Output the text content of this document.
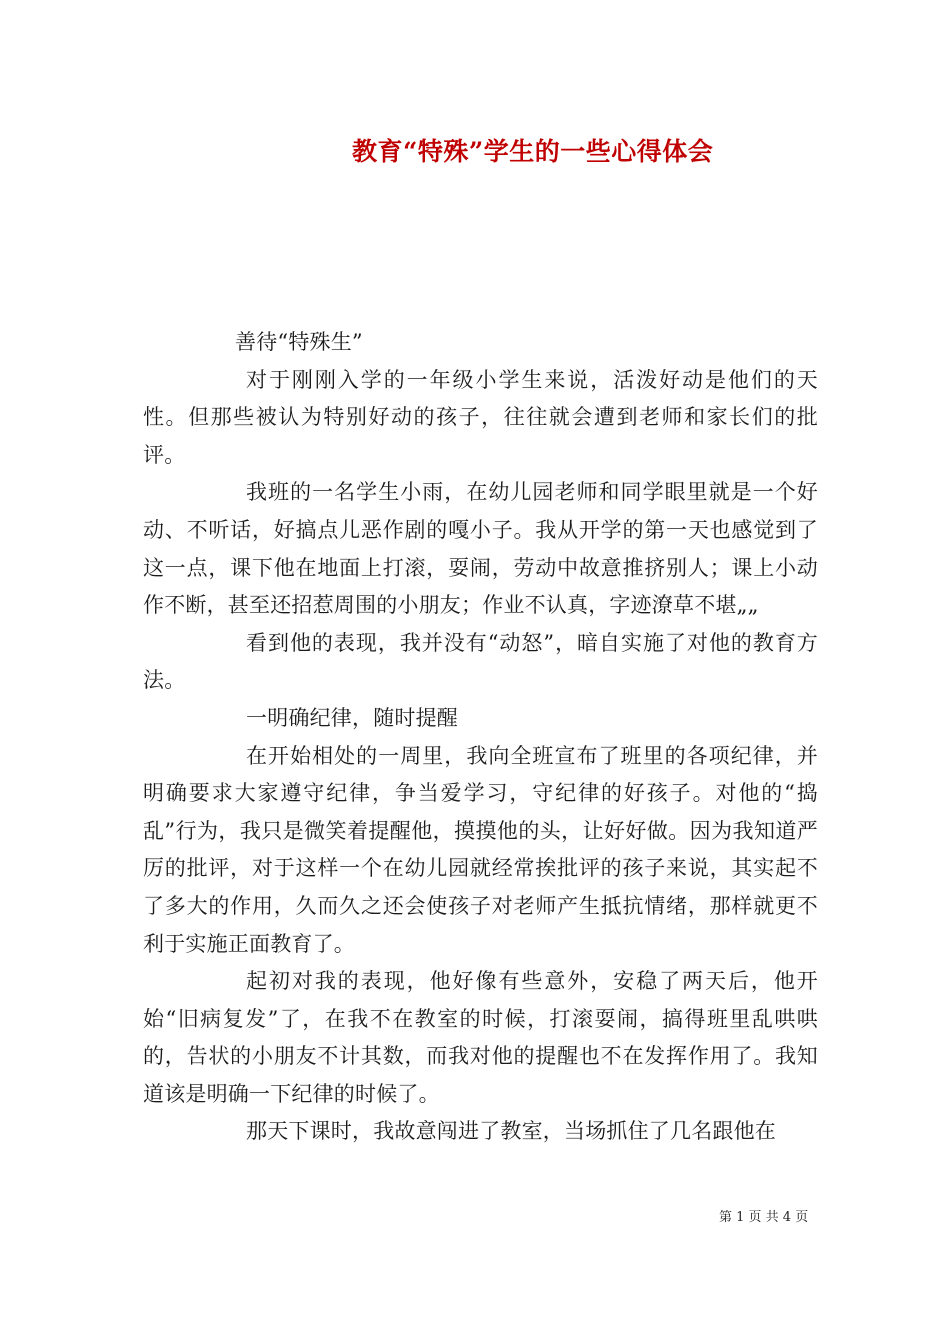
教育“特殊”学生的一些心得体会

善待“特殊生”

对于刚刚入学的一年级小学生来说，活泼好动是他们的天性。但那些被认为特别好动的孩子，往往就会遭到老师和家长们的批评。

我班的一名学生小雨，在幼儿园老师和同学眼里就是一个好动、不听话，好搞点儿恶作剧的嘎小子。我从开学的第一天也感觉到了这一点，课下他在地面上打滚，耍闹，劳动中故意推挤别人；课上小动作不断，甚至还招惹周围的小朋友；作业不认真，字迹潦草不堪„„

看到他的表现，我并没有“动怒”，暗自实施了对他的教育方法。

一明确纪律，随时提醒

在开始相处的一周里，我向全班宣布了班里的各项纪律，并明确要求大家遵守纪律，争当爱学习，守纪律的好孩子。对他的“捣乱”行为，我只是微笑着提醒他，摸摸他的头，让好好做。因为我知道严厉的批评，对于这样一个在幼儿园就经常挨批评的孩子来说，其实起不了多大的作用，久而久之还会使孩子对老师产生抵抗情绪，那样就更不利于实施正面教育了。

起初对我的表现，他好像有些意外，安稳了两天后，他开始“旧病复发”了，在我不在教室的时候，打滚耍闹，搞得班里乱哄哄的，告状的小朋友不计其数，而我对他的提醒也不在发挥作用了。我知道该是明确一下纪律的时候了。

那天下课时，我故意闯进了教室，当场抓住了几名跟他在

第 1 页 共 4 页
